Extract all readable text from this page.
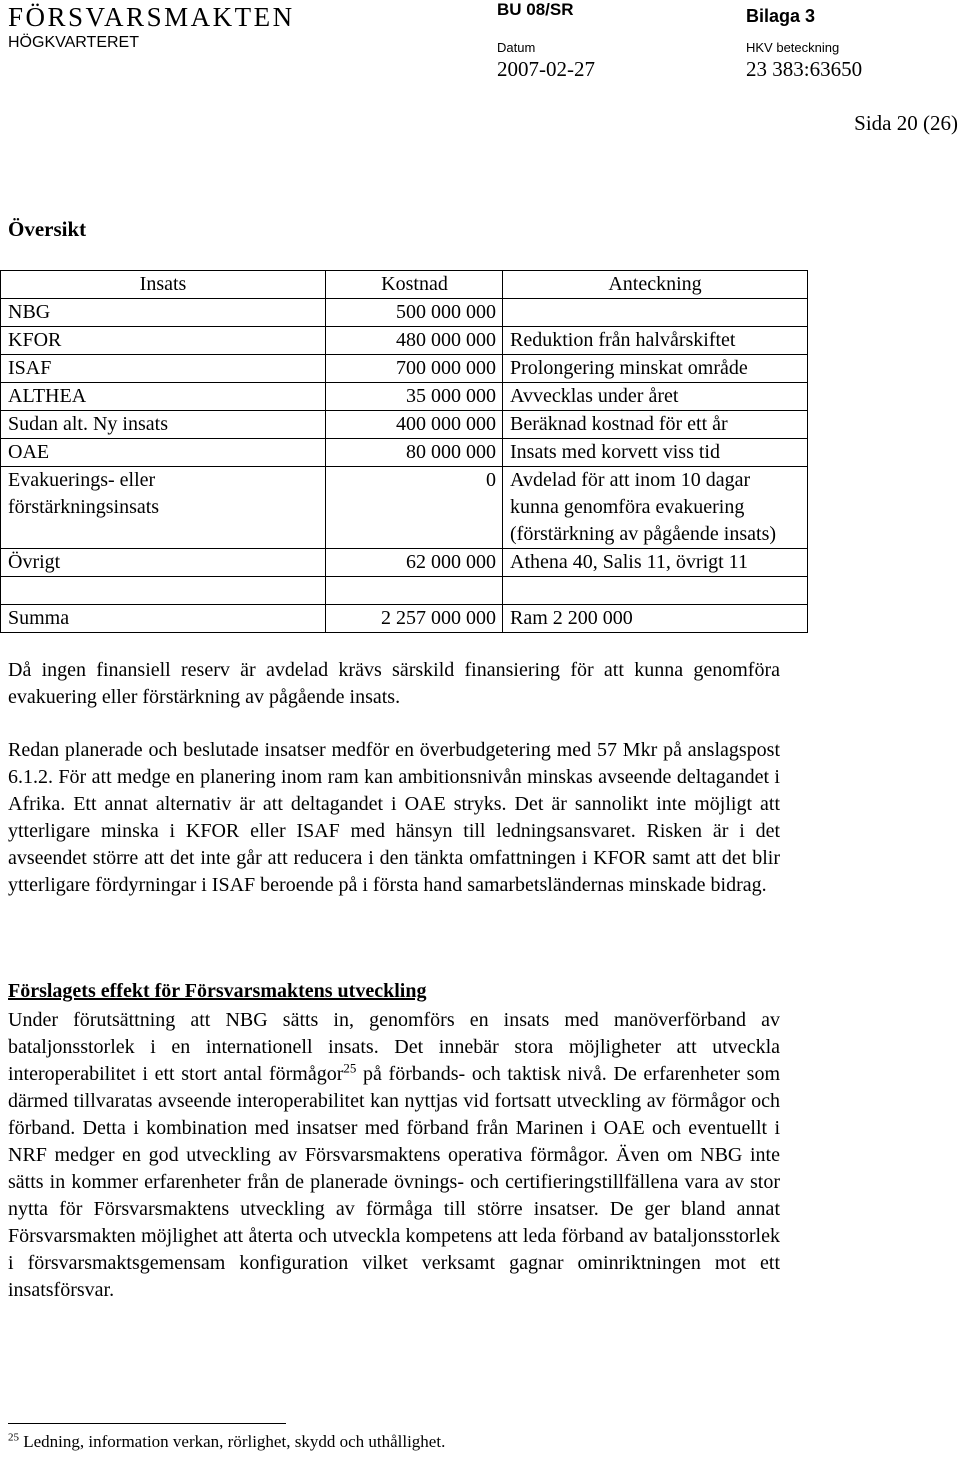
FÖRSVARSMAKTEN
HÖGKVARTERET
BU 08/SR	Bilaga 3
Datum	HKV beteckning
2007-02-27	23 383:63650
Sida 20 (26)
Översikt
Insats	Kostnad	Anteckning
NBG	500 000 000	
KFOR	480 000 000	Reduktion från halvårskiftet
ISAF	700 000 000	Prolongering minskat område
ALTHEA	35 000 000	Avvecklas under året
Sudan alt. Ny insats	400 000 000	Beräknad kostnad för ett år
OAE	80 000 000	Insats med korvett viss tid
Evakuerings- eller förstärkningsinsats	0	Avdelad för att inom 10 dagar kunna genomföra evakuering (förstärkning av pågående insats)
Övrigt	62 000 000	Athena 40, Salis 11, övrigt 11

Summa	2 257 000 000	Ram 2 200 000
Då ingen finansiell reserv är avdelad krävs särskild finansiering för att kunna genomföra evakuering eller förstärkning av pågående insats.
Redan planerade och beslutade insatser medför en överbudgetering med 57 Mkr på anslagspost 6.1.2. För att medge en planering inom ram kan ambitionsnivån minskas avseende deltagandet i Afrika. Ett annat alternativ är att deltagandet i OAE stryks. Det är sannolikt inte möjligt att ytterligare minska i KFOR eller ISAF med hänsyn till ledningsansvaret. Risken är i det avseendet större att det inte går att reducera i den tänkta omfattningen i KFOR samt att det blir ytterligare fördyrningar i ISAF beroende på i första hand samarbetsländernas minskade bidrag.
Förslagets effekt för Försvarsmaktens utveckling
Under förutsättning att NBG sätts in, genomförs en insats med manöverförband av bataljonsstorlek i en internationell insats. Det innebär stora möjligheter att utveckla interoperabilitet i ett stort antal förmågor$^{25}$ på förbands- och taktisk nivå. De erfarenheter som därmed tillvaratas avseende interoperabilitet kan nyttjas vid fortsatt utveckling av förmågor och förband. Detta i kombination med insatser med förband från Marinen i OAE och eventuellt i NRF medger en god utveckling av Försvarsmaktens operativa förmågor. Även om NBG inte sätts in kommer erfarenheter från de planerade övnings- och certifieringstillfällena vara av stor nytta för Försvarsmaktens utveckling av förmåga till större insatser. De ger bland annat Försvarsmakten möjlighet att återta och utveckla kompetens att leda förband av bataljonsstorlek i försvarsmaktsgemensam konfiguration vilket verksamt gagnar ominriktningen mot ett insatsförsvar.
$^{25}$ Ledning, information verkan, rörlighet, skydd och uthållighet.
